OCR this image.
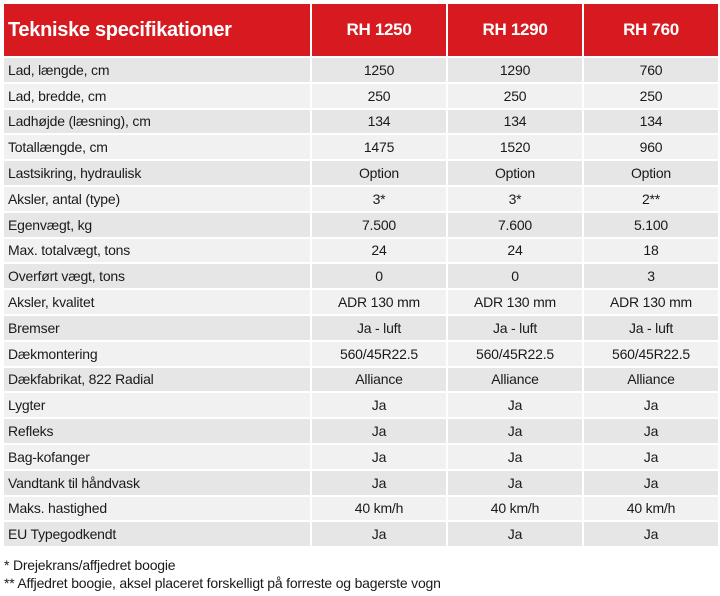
Tekniske specifikationer	RH 1250	RH 1290	RH 760
Lad, længde, cm	1250	1290	760
Lad, bredde, cm	250	250	250
Ladhøjde (læsning), cm	134	134	134
Totallængde, cm	1475	1520	960
Lastsikring, hydraulisk	Option	Option	Option
Aksler, antal (type)	3*	3*	2**
Egenvægt, kg	7.500	7.600	5.100
Max. totalvægt, tons	24	24	18
Overført vægt, tons	0	0	3
Aksler, kvalitet	ADR 130 mm	ADR 130 mm	ADR 130 mm
Bremser	Ja - luft	Ja - luft	Ja - luft
Dækmontering	560/45R22.5	560/45R22.5	560/45R22.5
Dækfabrikat, 822 Radial	Alliance	Alliance	Alliance
Lygter	Ja	Ja	Ja
Refleks	Ja	Ja	Ja
Bag-kofanger	Ja	Ja	Ja
Vandtank til håndvask	Ja	Ja	Ja
Maks. hastighed	40 km/h	40 km/h	40 km/h
EU Typegodkendt	Ja	Ja	Ja

* Drejekrans/affjedret boogie

** Affjedret boogie, aksel placeret forskelligt på forreste og bagerste vogn
